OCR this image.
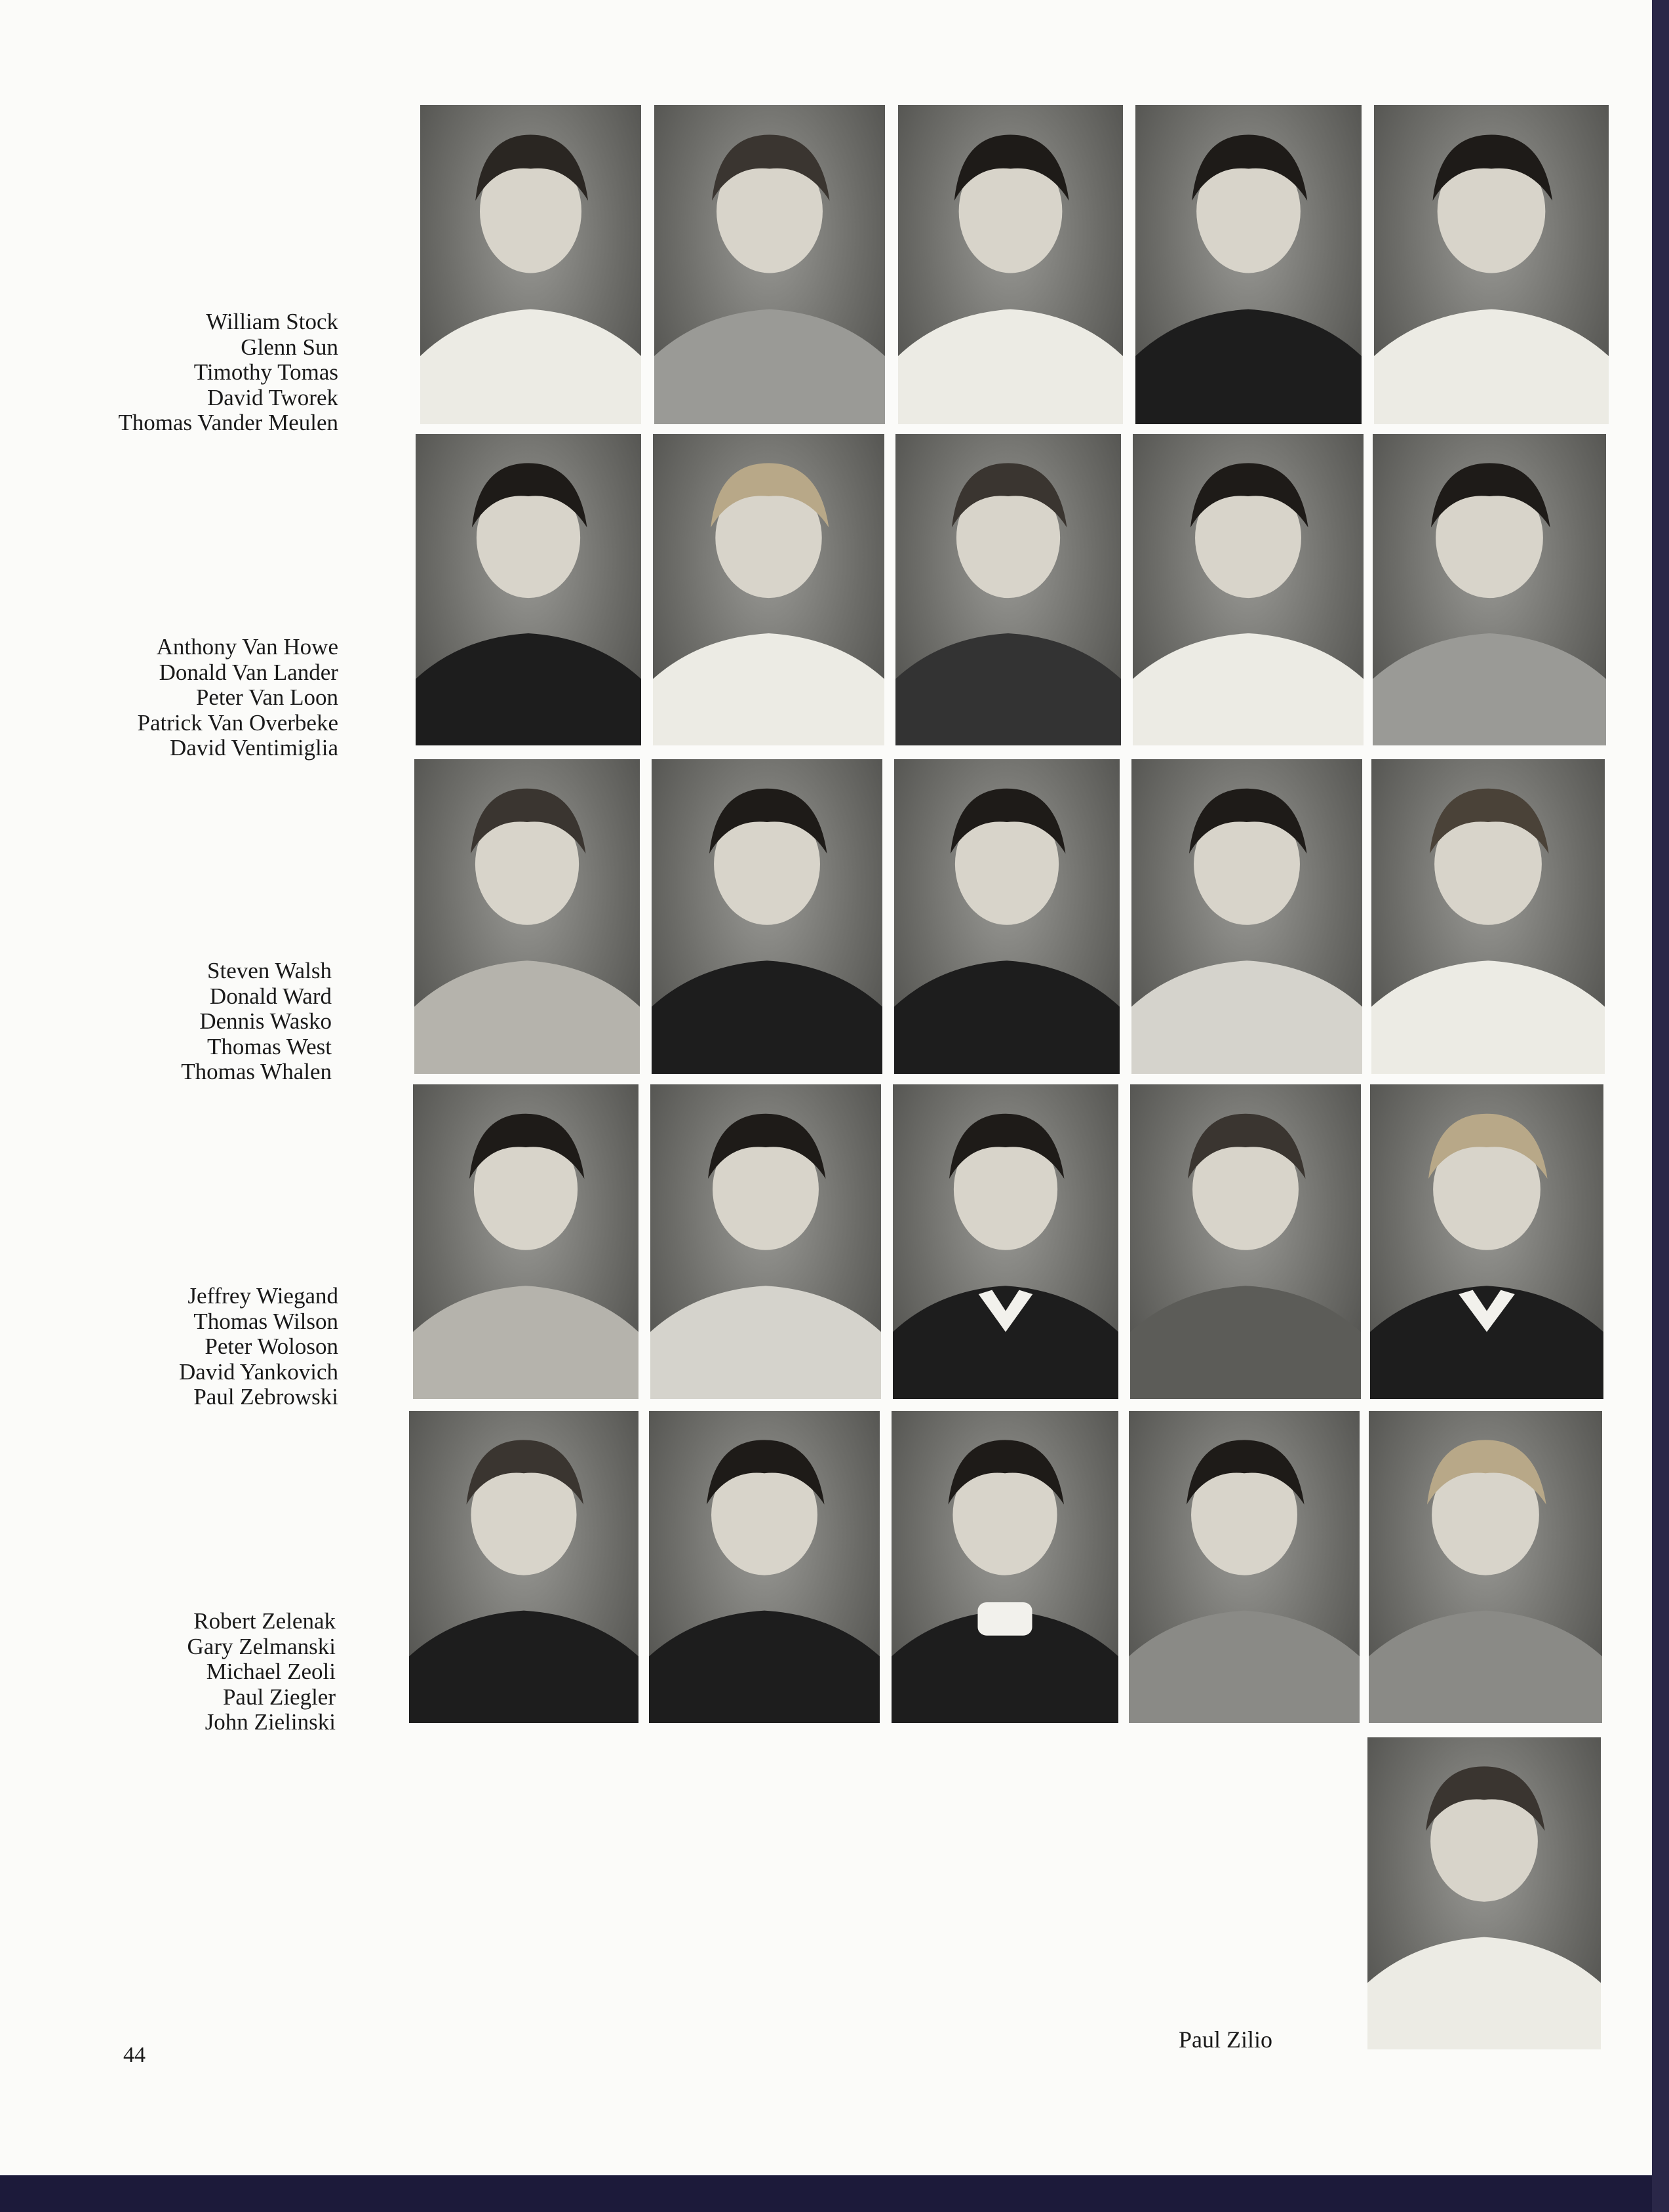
William Stock
Glenn Sun
Timothy Tomas
David Tworek
Thomas Vander Meulen
Anthony Van Howe
Donald Van Lander
Peter Van Loon
Patrick Van Overbeke
David Ventimiglia
Steven Walsh
Donald Ward
Dennis Wasko
Thomas West
Thomas Whalen
Jeffrey Wiegand
Thomas Wilson
Peter Woloson
David Yankovich
Paul Zebrowski
Robert Zelenak
Gary Zelmanski
Michael Zeoli
Paul Ziegler
John Zielinski
Paul Zilio
44
